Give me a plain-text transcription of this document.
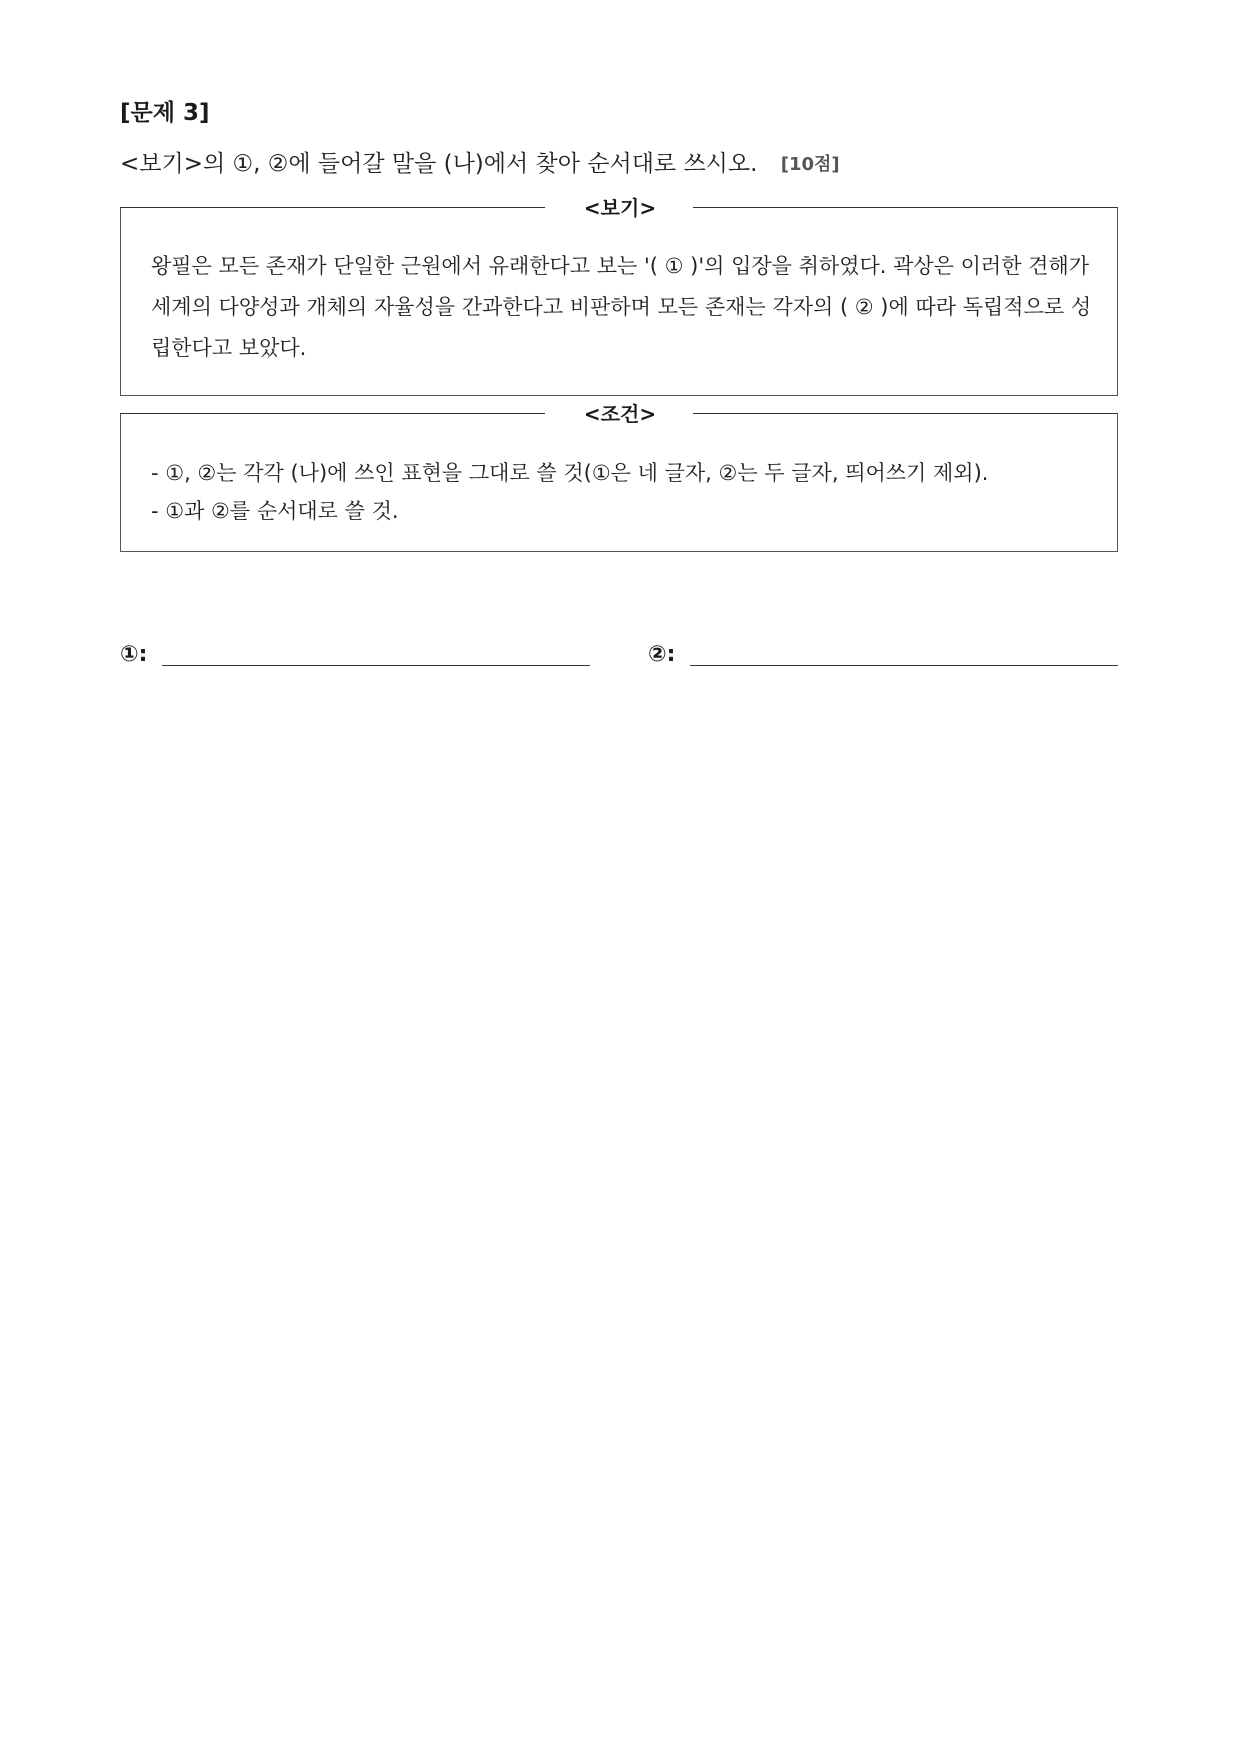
[문제 3]
<보기>의 ①, ②에 들어갈 말을 (나)에서 찾아 순서대로 쓰시오. [10점]
<보기>
왕필은 모든 존재가 단일한 근원에서 유래한다고 보는 '( ① )'의 입장을 취하였다. 곽상은 이러한 견해가 세계의 다양성과 개체의 자율성을 간과한다고 비판하며 모든 존재는 각자의 ( ② )에 따라 독립적으로 성립한다고 보았다.
<조건>
- ①, ②는 각각 (나)에 쓰인 표현을 그대로 쓸 것(①은 네 글자, ②는 두 글자, 띄어쓰기 제외).
- ①과 ②를 순서대로 쓸 것.
①:	②:
